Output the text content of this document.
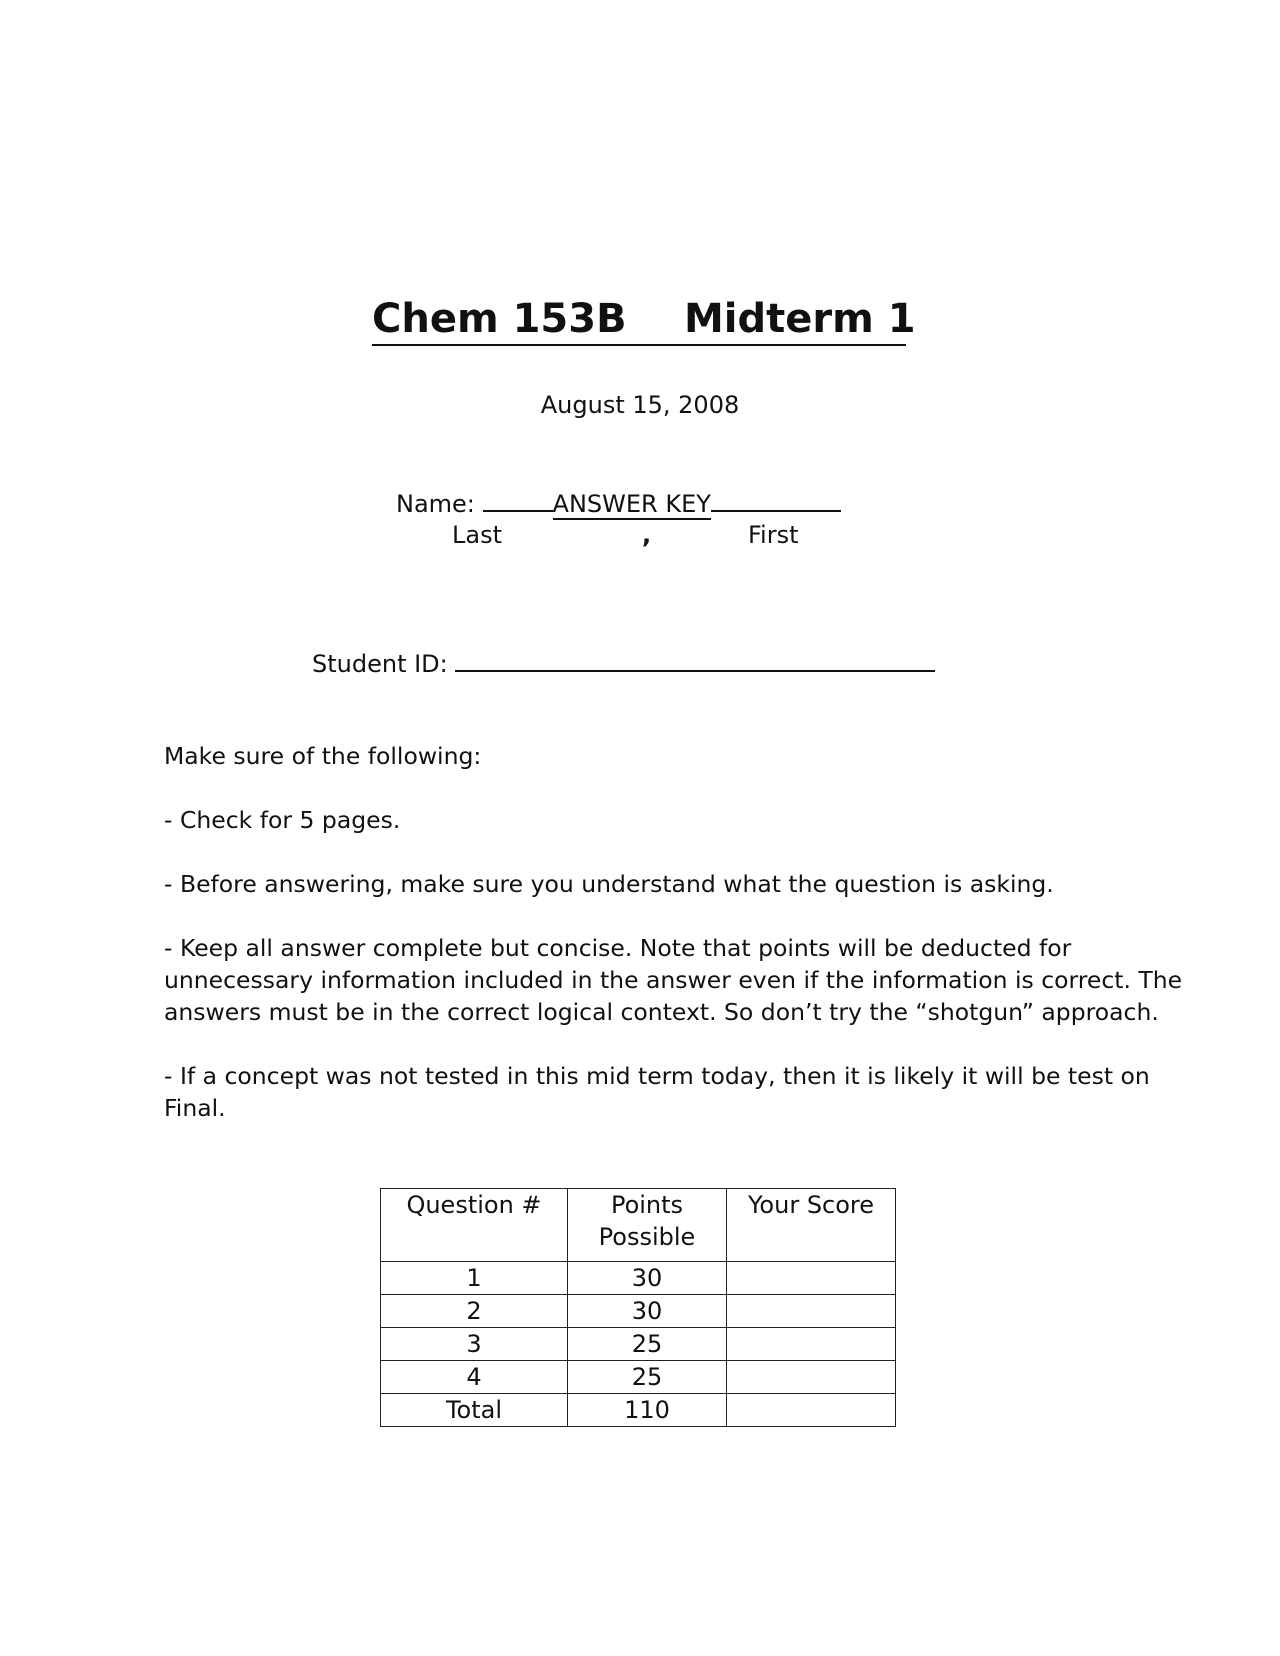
Chem 153B Midterm 1
August 15, 2008
Name:	ANSWER KEY
Last	,	First
Student ID:

Make sure of the following:

- Check for 5 pages.

- Before answering, make sure you understand what the question is asking.

- Keep all answer complete but concise. Note that points will be deducted for unnecessary information included in the answer even if the information is correct. The answers must be in the correct logical context. So don’t try the “shotgun” approach.

- If a concept was not tested in this mid term today, then it is likely it will be test on Final.

Question #	Points Possible	Your Score
1	30	
2	30	
3	25	
4	25	
Total	110	
